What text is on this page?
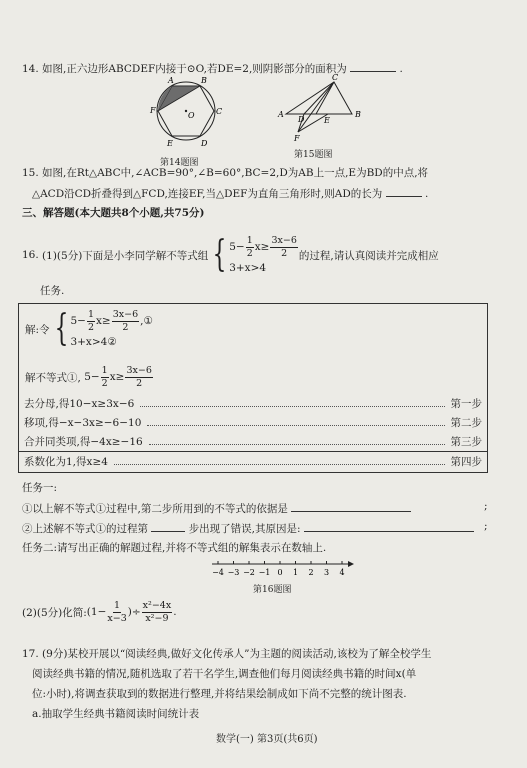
14. 如图,正六边形ABCDEF内接于⊙O,若DE=2,则阴影部分的面积为	.
A	B
C
D
E
F
O
第14题图
A	B
C
D E
F
第15题图
15. 如图,在Rt△ABC中,∠ACB=90°,∠B=60°,BC=2,D为AB上一点,E为BD的中点,将
△ACD沿CD折叠得到△FCD,连接EF,当△DEF为直角三角形时,则AD的长为	.
三、解答题(本大题共8个小题,共75分)
16.
(1)(5分)下面是小李同学解不等式组 { $5- \frac{1}{2} x\ge \frac{3x-6}{2}$
3+x>4
的过程,请认真阅读并完成相应
任务.
解:令 { $5- \frac{1}{2} x\ge \frac{3x-6}{2}$ ,①
3+x>4②
解不等式①,
$5- \frac{1}{2} x\ge \frac{3x-6}{2}$
去分母,得10−x≥3x−6	第一步
移项,得−x−3x≥−6−10	第二步
合并同类项,得−4x≥−16	第三步
系数化为1,得x≥4	第四步
任务一:
①以上解不等式①过程中,第二步所用到的不等式的依据是	;
②上述解不等式①的过程第	步出现了错误,其原因是:	;
任务二:请写出正确的解题过程,并将不等式组的解集表示在数轴上.
−4 −3 −2 −1 0 1 2 3 4
第16题图
(2)(5分)化简: ($1- \frac{1}{x-3}$ )÷ $\frac{\text{x²−4x}}{\text{x²−9}}$ .
17. (9分)某校开展以“阅读经典,做好文化传承人”为主题的阅读活动,该校为了解全校学生
阅读经典书籍的情况,随机选取了若干名学生,调查他们每月阅读经典书籍的时间x(单
位:小时),将调查获取到的数据进行整理,并将结果绘制成如下尚不完整的统计图表.
a.抽取学生经典书籍阅读时间统计表
数学(一) 第3页(共6页)
